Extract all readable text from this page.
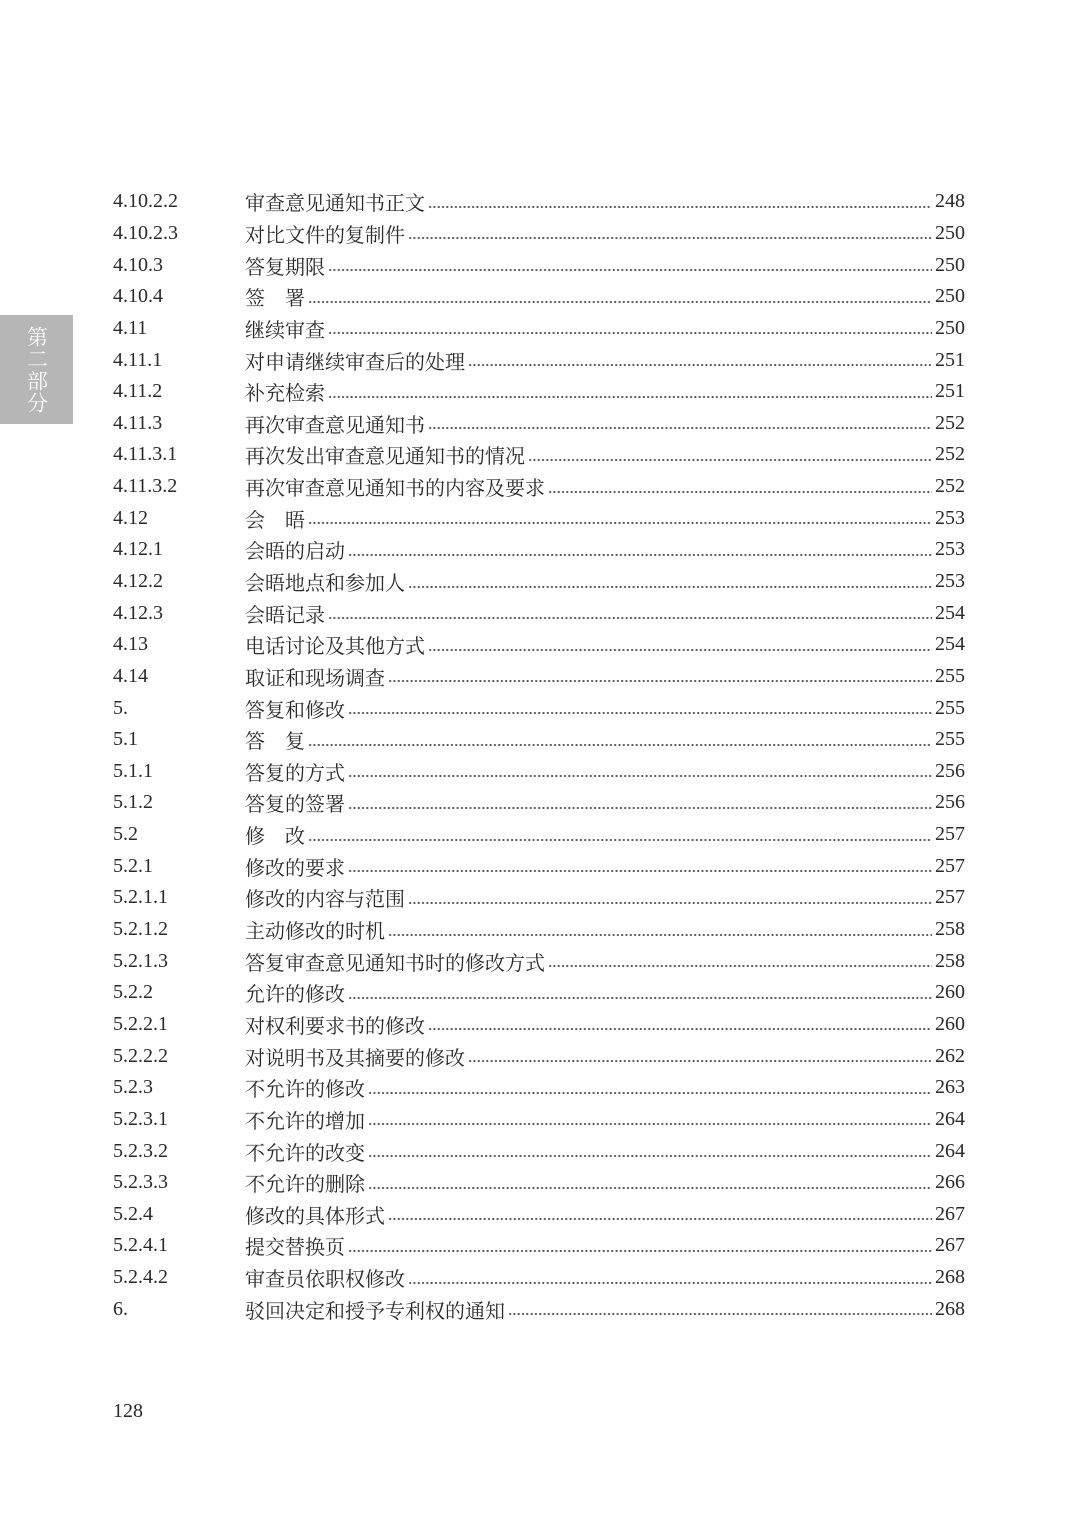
第二部分
4.10.2.2	审查意见通知书正文	248
4.10.2.3	对比文件的复制件	250
4.10.3	答复期限	250
4.10.4	签　署	250
4.11	继续审查	250
4.11.1	对申请继续审查后的处理	251
4.11.2	补充检索	251
4.11.3	再次审查意见通知书	252
4.11.3.1	再次发出审查意见通知书的情况	252
4.11.3.2	再次审查意见通知书的内容及要求	252
4.12	会　晤	253
4.12.1	会晤的启动	253
4.12.2	会晤地点和参加人	253
4.12.3	会晤记录	254
4.13	电话讨论及其他方式	254
4.14	取证和现场调查	255
5.	答复和修改	255
5.1	答　复	255
5.1.1	答复的方式	256
5.1.2	答复的签署	256
5.2	修　改	257
5.2.1	修改的要求	257
5.2.1.1	修改的内容与范围	257
5.2.1.2	主动修改的时机	258
5.2.1.3	答复审查意见通知书时的修改方式	258
5.2.2	允许的修改	260
5.2.2.1	对权利要求书的修改	260
5.2.2.2	对说明书及其摘要的修改	262
5.2.3	不允许的修改	263
5.2.3.1	不允许的增加	264
5.2.3.2	不允许的改变	264
5.2.3.3	不允许的删除	266
5.2.4	修改的具体形式	267
5.2.4.1	提交替换页	267
5.2.4.2	审查员依职权修改	268
6.	驳回决定和授予专利权的通知	268
128
